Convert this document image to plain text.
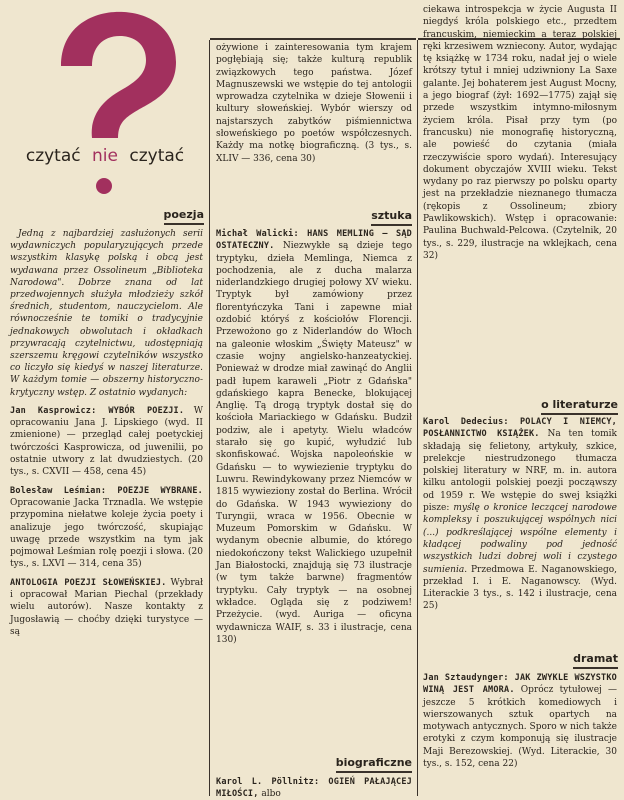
czytać nie czytać
poezja	sztuka
biograficzne
o literaturze
dramat

Jedną z najbardziej zasłużonych serii wydawniczych popularyzujących przede wszystkim klasykę polską i obcą jest wydawana przez Ossolineum „Biblioteka Narodowa". Dobrze znana od lat przedwojennych służyła młodzieży szkół średnich, studentom, nauczycielom. Ale równocześnie te tomiki o tradycyjnie jednakowych obwolutach i okładkach przywracają czytelnictwu, udostępniają szerszemu kręgowi czytelników wszystko co liczyło się kiedyś w naszej literaturze. W każdym tomie — obszerny historyczno-krytyczny wstęp. Z ostatnio wydanych:

Jan Kasprowicz: WYBÓR POEZJI. W opracowaniu Jana J. Lipskiego (wyd. II zmienione) — przegląd całej poetyckiej twórczości Kasprowicza, od juwenilii, po ostatnie utwory z lat dwudziestych. (20 tys., s. CXVII — 458, cena 45)

Bolesław Leśmian: POEZJE WYBRANE. Opracowanie Jacka Trznadla. We wstępie przypomina niełatwe koleje życia poety i analizuje jego twórczość, skupiając uwagę przede wszystkim na tym jak pojmował Leśmian rolę poezji i słowa. (20 tys., s. LXVI — 314, cena 35)

ANTOLOGIA POEZJI SŁOWEŃSKIEJ. Wybrał i opracował Marian Piechal (przekłady wielu autorów). Nasze kontakty z Jugosławią — choćby dzięki turystyce — są

ożywione i zainteresowania tym krajem pogłębiają się; także kulturą republik związkowych tego państwa. Józef Magnuszewski we wstępie do tej antologii wprowadza czytelnika w dzieje Słowenii i kultury słoweńskiej. Wybór wierszy od najstarszych zabytków piśmiennictwa słoweńskiego po poetów współczesnych. Każdy ma notkę biograficzną. (3 tys., s. XLIV — 336, cena 30)

Michał Walicki: HANS MEMLING — SĄD OSTATECZNY. Niezwykłe są dzieje tego tryptyku, dzieła Memlinga, Niemca z pochodzenia, ale z ducha malarza niderlandzkiego drugiej połowy XV wieku. Tryptyk był zamówiony przez florentyńczyka Tani i zapewne miał ozdobić któryś z kościołów Florencji. Przewożono go z Niderlandów do Włoch na galeonie włoskim „Święty Mateusz" w czasie wojny angielsko-hanzeatyckiej. Ponieważ w drodze miał zawinąć do Anglii padł łupem karaweli „Piotr z Gdańska" gdańskiego kapra Benecke, blokującej Anglię. Tą drogą tryptyk dostał się do kościoła Mariackiego w Gdańsku. Budził podziw, ale i apetyty. Wielu władców starało się go kupić, wyłudzić lub skonfiskować. Wojska napoleońskie w Gdańsku — to wywiezienie tryptyku do Luwru. Rewindykowany przez Niemców w 1815 wywieziony został do Berlina. Wrócił do Gdańska. W 1943 wywieziony do Turyngii, wraca w 1956. Obecnie w Muzeum Pomorskim w Gdańsku. W wydanym obecnie albumie, do którego niedokończony tekst Walickiego uzupełnił Jan Białostocki, znajdują się 73 ilustracje (w tym także barwne) fragmentów tryptyku. Cały tryptyk — na osobnej wkładce. Ogląda się z podziwem! Przeżycie. (wyd. Auriga — oficyna wydawnicza WAIF, s. 33 i ilustracje, cena 130)

Karol L. Pöllnitz: OGIEŃ PAŁAJĄCEJ MIŁOŚCI, albo

ciekawa introspekcja w życie Augusta II niegdyś króla polskiego etc., przedtem francuskim, niemieckim a teraz polskiej ręki krzesiwem wzniecony. Autor, wydając tę książkę w 1734 roku, nadał jej o wiele krótszy tytuł i mniej udziwniony La Saxe galante. Jej bohaterem jest August Mocny, a jego biograf (żył: 1692—1775) zajął się przede wszystkim intymno-miłosnym życiem króla. Pisał przy tym (po francusku) nie monografię historyczną, ale powieść do czytania (miała rzeczywiście sporo wydań). Interesujący dokument obyczajów XVIII wieku. Tekst wydany po raz pierwszy po polsku oparty jest na przekładzie nieznanego tłumacza (rękopis z Ossolineum; zbiory Pawlikowskich). Wstęp i opracowanie: Paulina Buchwald-Pelcowa. (Czytelnik, 20 tys., s. 229, ilustracje na wklejkach, cena 32)

Karol Dedecius: POLACY I NIEMCY, POSŁANNICTWO KSIĄŻEK. Na ten tomik składają się felietony, artykuły, szkice, prelekcje niestrudzonego tłumacza polskiej literatury w NRF, m. in. autora kilku antologii polskiej poezji począwszy od 1959 r. We wstępie do swej książki pisze: myślę o kronice leczącej narodowe kompleksy i poszukującej wspólnych nici (...) podkreślającej wspólne elementy i kładącej podwaliny pod jedność wszystkich ludzi dobrej woli i czystego sumienia. Przedmowa E. Naganowskiego, przekład I. i E. Naganowscy. (Wyd. Literackie 3 tys., s. 142 i ilustracje, cena 25)

Jan Sztaudynger: JAK ZWYKLE WSZYSTKO WINĄ JEST AMORA. Oprócz tytułowej — jeszcze 5 krótkich komediowych i wierszowanych sztuk opartych na motywach antycznych. Sporo w nich także erotyki z czym komponują się ilustracje Maji Berezowskiej. (Wyd. Literackie, 30 tys., s. 152, cena 22)
